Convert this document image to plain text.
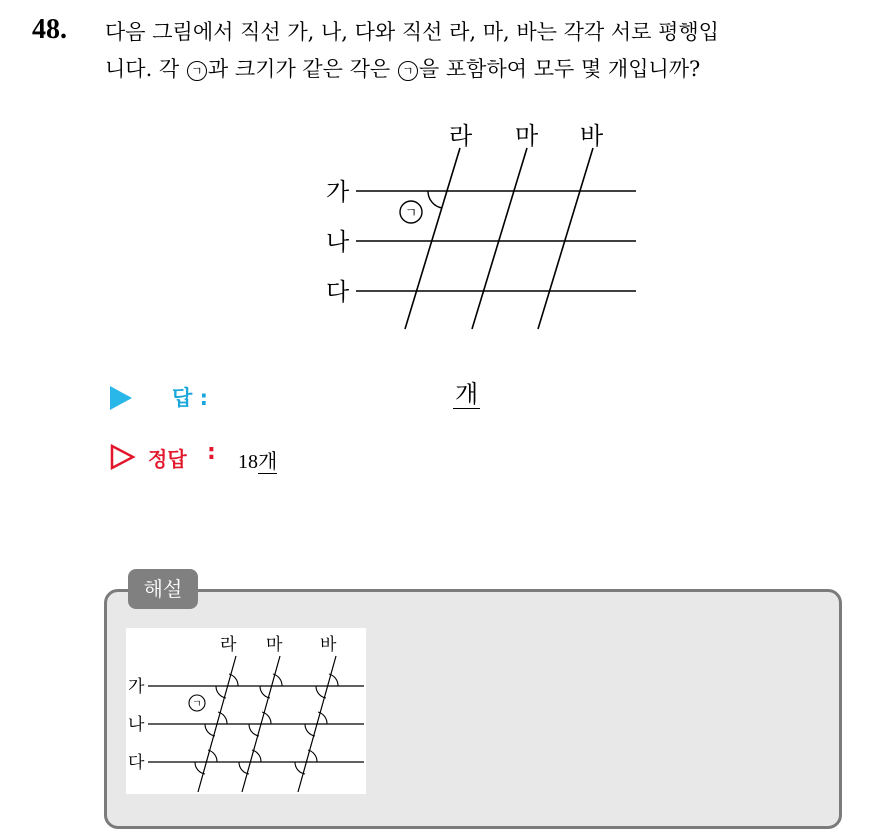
48. 다음 그림에서 직선 가, 나, 다와 직선 라, 마, 바는 각각 서로 평행입
니다. 각 ㄱ 과 크기가 같은 각은 ㄱ 을 포함하여 모두 몇 개입니까?
라 마 바
가
나
다
ㄱ
답 :	개
정답 : 18개
해설
라 마 바
가
나
다
ㄱ
